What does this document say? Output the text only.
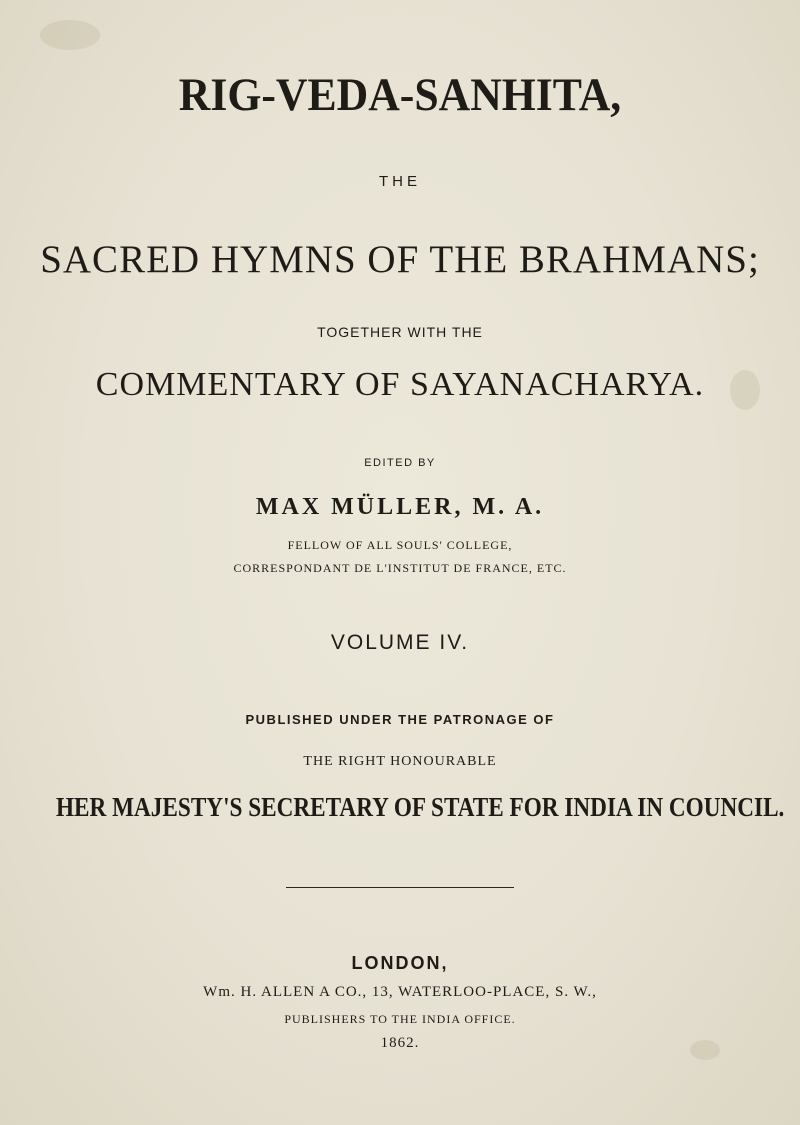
RIG-VEDA-SANHITA,
THE
SACRED HYMNS OF THE BRAHMANS;
TOGETHER WITH THE
COMMENTARY OF SAYANACHARYA.
EDITED BY
MAX MÜLLER, M. A.
FELLOW OF ALL SOULS' COLLEGE,
CORRESPONDANT DE L'INSTITUT DE FRANCE, ETC.
VOLUME IV.
PUBLISHED UNDER THE PATRONAGE OF
THE RIGHT HONOURABLE
HER MAJESTY'S SECRETARY OF STATE FOR INDIA IN COUNCIL.
LONDON,
Wm. H. ALLEN A CO., 13, WATERLOO-PLACE, S. W.,
PUBLISHERS TO THE INDIA OFFICE.
1862.
